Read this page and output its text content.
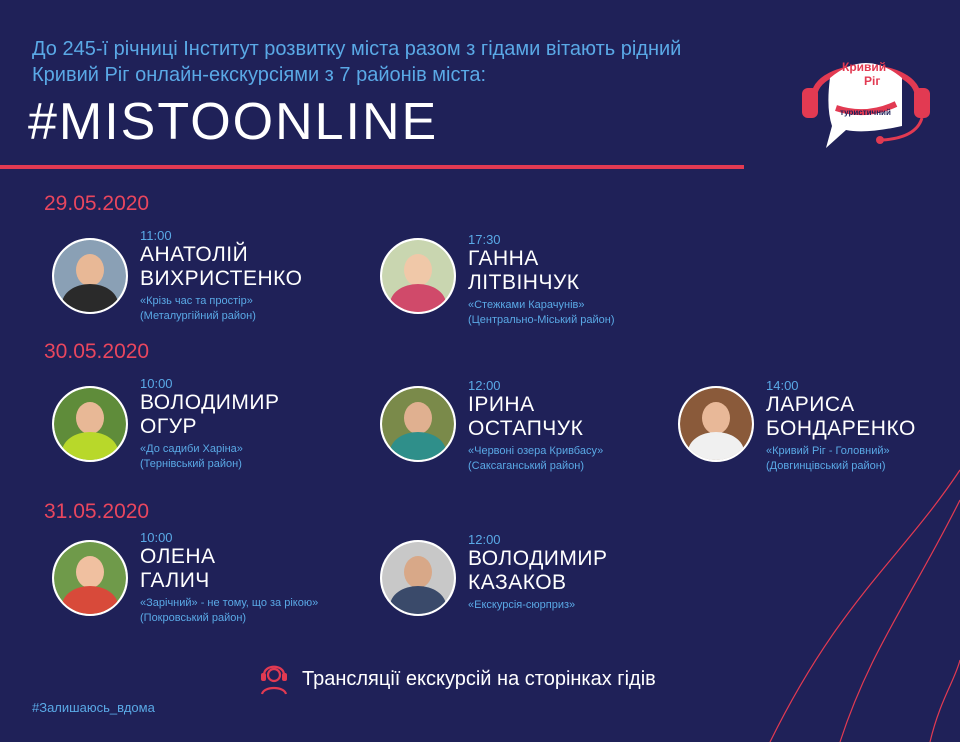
До 245-ї річниці Інститут розвитку міста разом з гідами вітають рідний Кривий Ріг онлайн-екскурсіями з 7 районів міста:
#MISTOONLINE
Кривий
Ріг
туристичний
29.05.2020
11:00
АНАТОЛІЙ
ВИХРИСТЕНКО
«Крізь час та простір»
(Металургійний район)
17:30
ГАННА
ЛІТВІНЧУК
«Стежками Карачунів»
(Центрально-Міський район)
30.05.2020
10:00
ВОЛОДИМИР
ОГУР
«До садиби Харіна»
(Тернівський район)
12:00
ІРИНА
ОСТАПЧУК
«Червоні озера Кривбасу»
(Саксаганський район)
14:00
ЛАРИСА
БОНДАРЕНКО
«Кривий Ріг - Головний»
(Довгинцівський район)
31.05.2020
10:00
ОЛЕНА
ГАЛИЧ
«Зарічний» - не тому, що за рікою»
(Покровський район)
12:00
ВОЛОДИМИР
КАЗАКОВ
«Екскурсія-сюрприз»
Трансляції екскурсій на сторінках гідів
#Залишаюсь_вдома
